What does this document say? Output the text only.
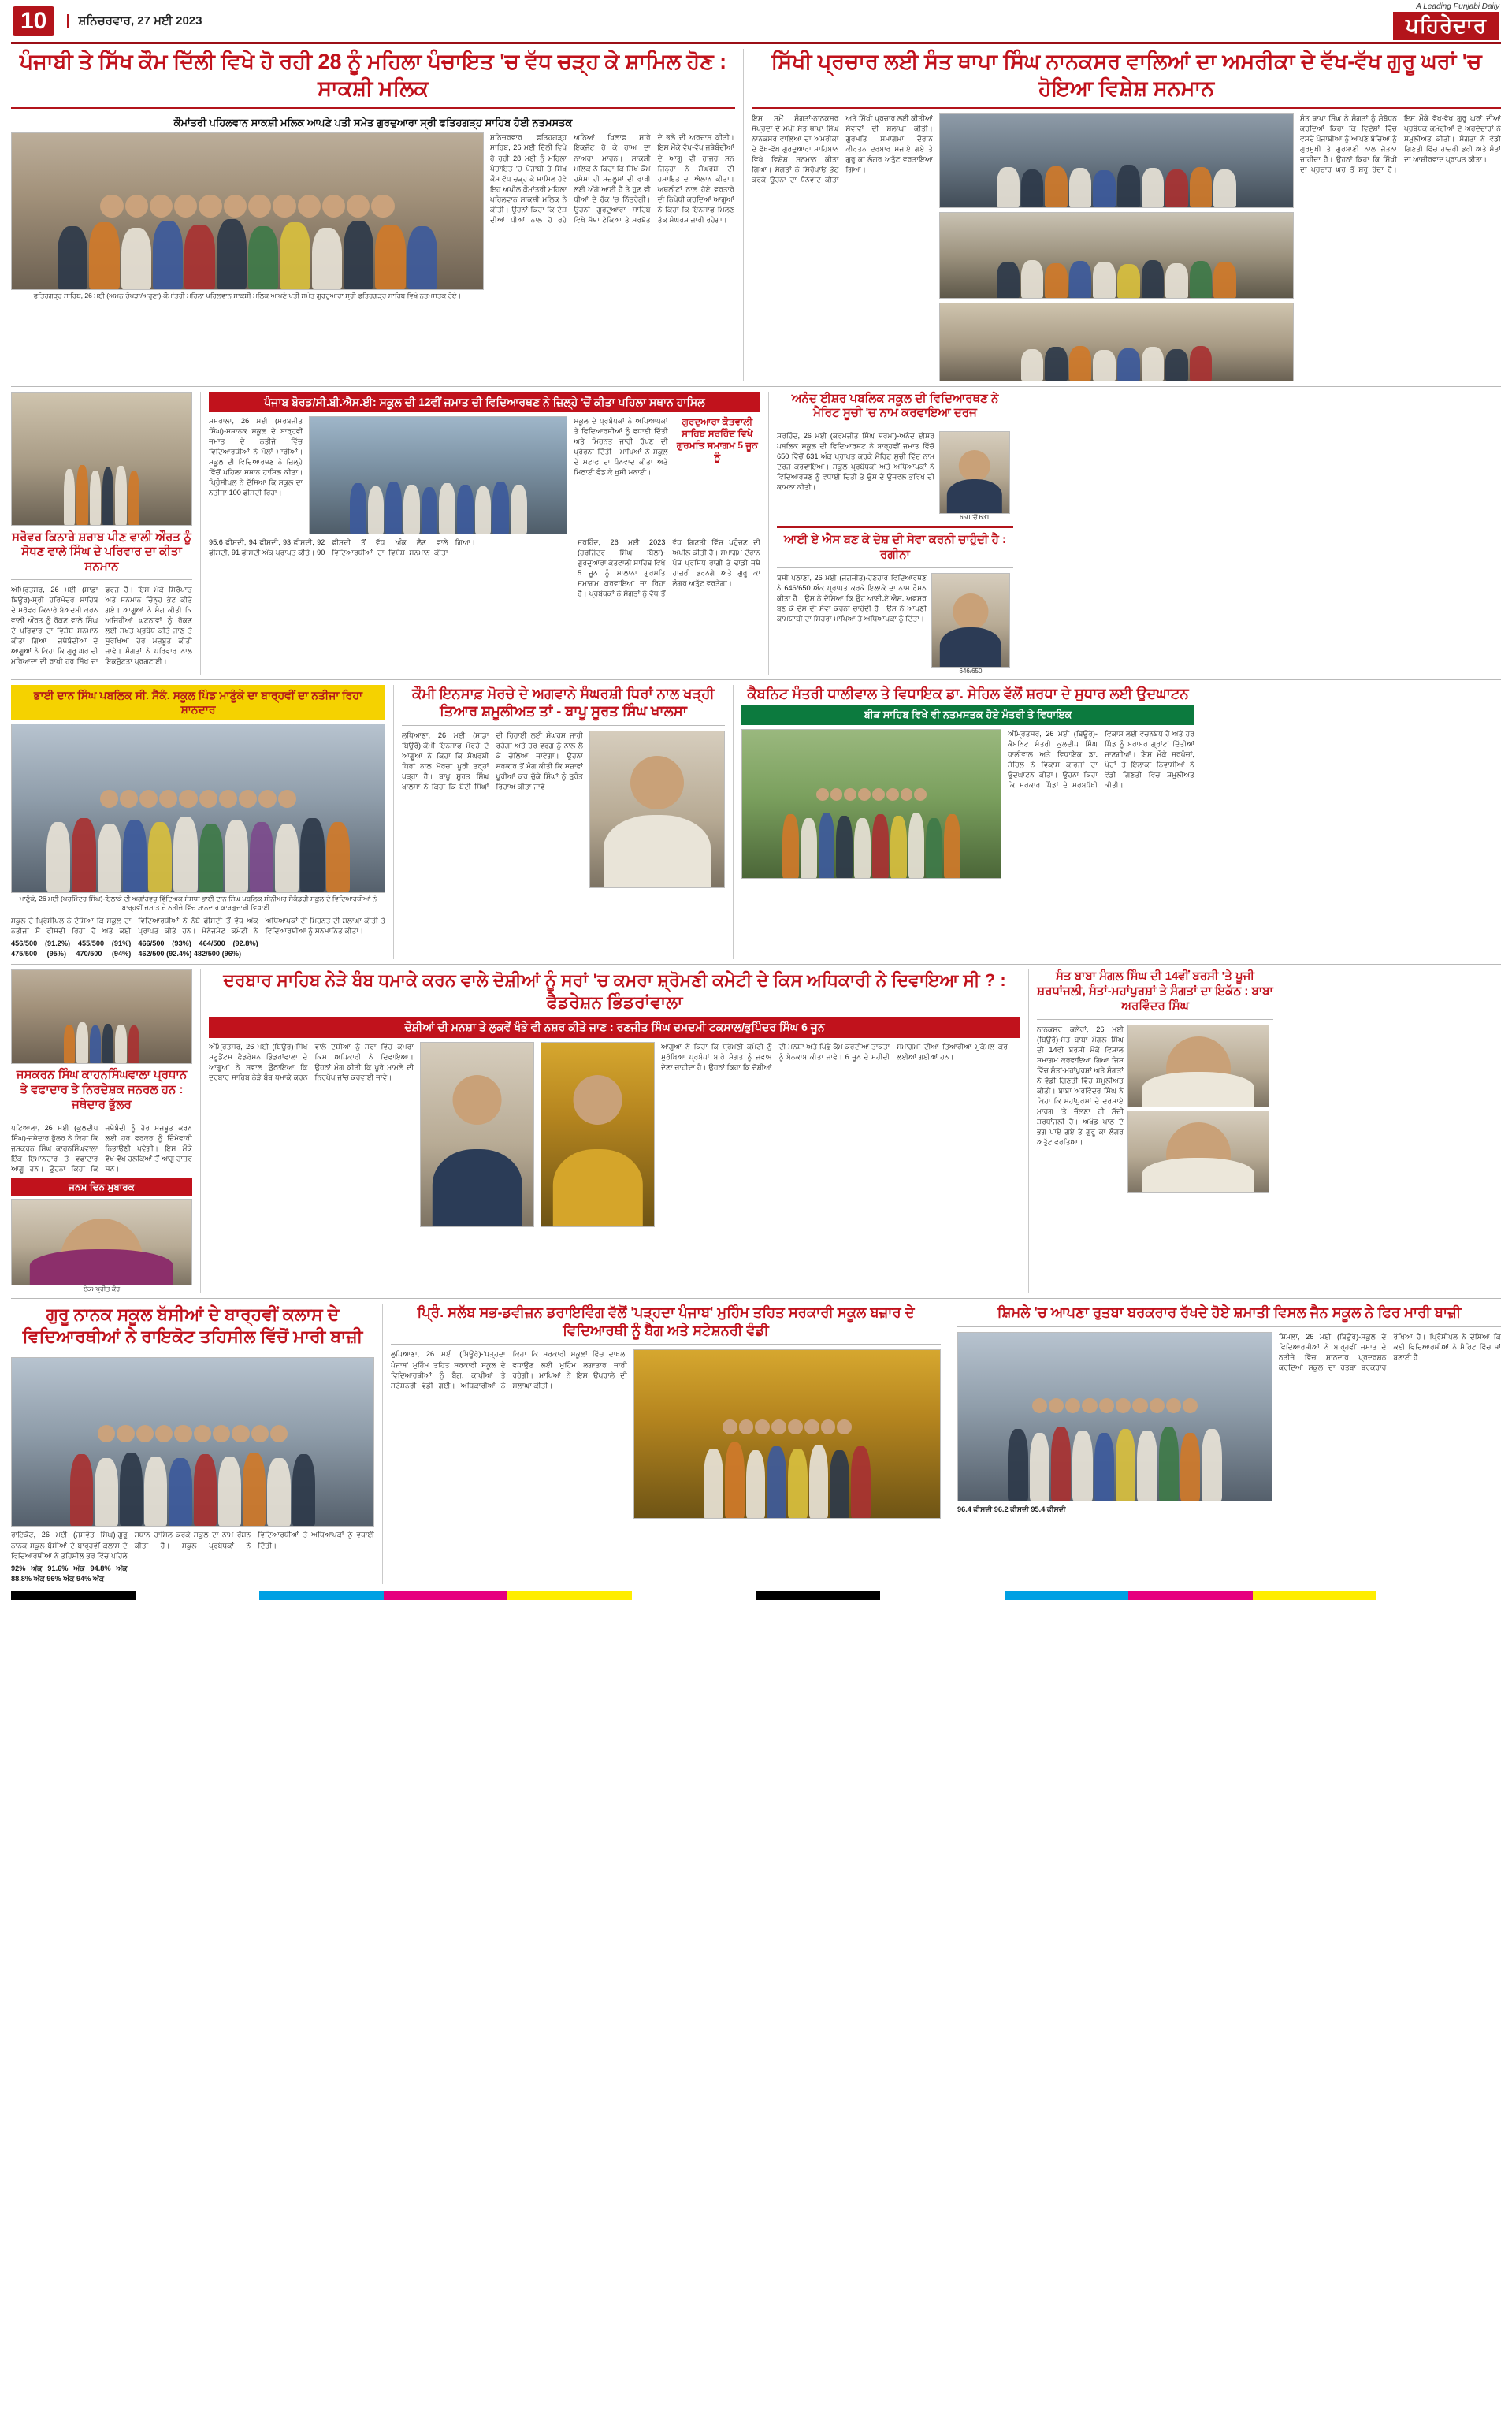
10	ਸ਼ਨਿਚਰਵਾਰ, 27 ਮਈ 2023
A Leading Punjabi Daily
ਪਹਿਰੇਦਾਰ
ਪੰਜਾਬੀ ਤੇ ਸਿੱਖ ਕੌਮ ਦਿੱਲੀ ਵਿਖੇ ਹੋ ਰਹੀ 28 ਨੂੰ ਮਹਿਲਾ ਪੰਚਾਇਤ 'ਚ ਵੱਧ ਚੜ੍ਹ ਕੇ ਸ਼ਾਮਿਲ ਹੋਣ : ਸਾਕਸ਼ੀ ਮਲਿਕ
ਕੌਮਾਂਤਰੀ ਪਹਿਲਵਾਨ ਸਾਕਸ਼ੀ ਮਲਿਕ ਆਪਣੇ ਪਤੀ ਸਮੇਤ ਗੁਰਦੁਆਰਾ ਸ੍ਰੀ ਫਤਿਹਗੜ੍ਹ ਸਾਹਿਬ ਹੋਈ ਨਤਮਸਤਕ
ਫਤਿਹਗੜ੍ਹ ਸਾਹਿਬ, 26 ਮਈ (ਅਮਨ ਚੋਪੜਾ/ਅਰੁਣਾ)-ਕੌਮਾਂਤਰੀ ਮਹਿਲਾ ਪਹਿਲਵਾਨ ਸਾਕਸ਼ੀ ਮਲਿਕ ਆਪਣੇ ਪਤੀ ਸਮੇਤ ਗੁਰਦੁਆਰਾ ਸ੍ਰੀ ਫਤਿਹਗੜ੍ਹ ਸਾਹਿਬ ਵਿਖੇ ਨਤਮਸਤਕ ਹੋਏ।
ਸ਼ਨਿਚਰਵਾਰ ਫਤਿਹਗੜ੍ਹ ਸਾਹਿਬ, 26 ਮਈ ਦਿੱਲੀ ਵਿਖੇ ਹੋ ਰਹੀ 28 ਮਈ ਨੂੰ ਮਹਿਲਾ ਪੰਚਾਇਤ 'ਚ ਪੰਜਾਬੀ ਤੇ ਸਿੱਖ ਕੌਮ ਵੱਧ ਚੜ੍ਹ ਕੇ ਸ਼ਾਮਿਲ ਹੋਵੇ ਇਹ ਅਪੀਲ ਕੌਮਾਂਤਰੀ ਮਹਿਲਾ ਪਹਿਲਵਾਨ ਸਾਕਸ਼ੀ ਮਲਿਕ ਨੇ ਕੀਤੀ। ਉਹਨਾਂ ਕਿਹਾ ਕਿ ਦੇਸ਼ ਦੀਆਂ ਧੀਆਂ ਨਾਲ ਹੋ ਰਹੇ ਅਨਿਆਂ ਖਿਲਾਫ ਸਾਰੇ ਇਕਜੁੱਟ ਹੋ ਕੇ ਹਾਅ ਦਾ ਨਾਅਰਾ ਮਾਰਨ। ਸਾਕਸ਼ੀ ਮਲਿਕ ਨੇ ਕਿਹਾ ਕਿ ਸਿੱਖ ਕੌਮ ਹਮੇਸ਼ਾ ਹੀ ਮਜ਼ਲੂਮਾਂ ਦੀ ਰਾਖੀ ਲਈ ਅੱਗੇ ਆਈ ਹੈ ਤੇ ਹੁਣ ਵੀ ਧੀਆਂ ਦੇ ਹੱਕ 'ਚ ਨਿੱਤਰੇਗੀ। ਉਹਨਾਂ ਗੁਰਦੁਆਰਾ ਸਾਹਿਬ ਵਿਖੇ ਮੱਥਾ ਟੇਕਿਆ ਤੇ ਸਰਬੱਤ ਦੇ ਭਲੇ ਦੀ ਅਰਦਾਸ ਕੀਤੀ। ਇਸ ਮੌਕੇ ਵੱਖ-ਵੱਖ ਜਥੇਬੰਦੀਆਂ ਦੇ ਆਗੂ ਵੀ ਹਾਜ਼ਰ ਸਨ ਜਿਨ੍ਹਾਂ ਨੇ ਸੰਘਰਸ਼ ਦੀ ਹਮਾਇਤ ਦਾ ਐਲਾਨ ਕੀਤਾ। ਅਥਲੀਟਾਂ ਨਾਲ ਹੋਏ ਵਰਤਾਰੇ ਦੀ ਨਿਖੇਧੀ ਕਰਦਿਆਂ ਆਗੂਆਂ ਨੇ ਕਿਹਾ ਕਿ ਇਨਸਾਫ ਮਿਲਣ ਤੱਕ ਸੰਘਰਸ਼ ਜਾਰੀ ਰਹੇਗਾ।
ਸਿੱਖੀ ਪ੍ਰਚਾਰ ਲਈ ਸੰਤ ਥਾਪਾ ਸਿੰਘ ਨਾਨਕਸਰ ਵਾਲਿਆਂ ਦਾ ਅਮਰੀਕਾ ਦੇ ਵੱਖ-ਵੱਖ ਗੁਰੂ ਘਰਾਂ 'ਚ ਹੋਇਆ ਵਿਸ਼ੇਸ਼ ਸਨਮਾਨ
ਇਸ ਸਮੇਂ ਸੰਗਤਾਂ-ਨਾਨਕਸਰ ਸੰਪ੍ਰਦਾ ਦੇ ਮੁਖੀ ਸੰਤ ਥਾਪਾ ਸਿੰਘ ਨਾਨਕਸਰ ਵਾਲਿਆਂ ਦਾ ਅਮਰੀਕਾ ਦੇ ਵੱਖ-ਵੱਖ ਗੁਰਦੁਆਰਾ ਸਾਹਿਬਾਨ ਵਿਖੇ ਵਿਸ਼ੇਸ਼ ਸਨਮਾਨ ਕੀਤਾ ਗਿਆ। ਸੰਗਤਾਂ ਨੇ ਸਿਰੋਪਾਓ ਭੇਟ ਕਰਕੇ ਉਹਨਾਂ ਦਾ ਧੰਨਵਾਦ ਕੀਤਾ ਅਤੇ ਸਿੱਖੀ ਪ੍ਰਚਾਰ ਲਈ ਕੀਤੀਆਂ ਸੇਵਾਵਾਂ ਦੀ ਸ਼ਲਾਘਾ ਕੀਤੀ। ਗੁਰਮਤਿ ਸਮਾਗਮਾਂ ਦੌਰਾਨ ਕੀਰਤਨ ਦਰਬਾਰ ਸਜਾਏ ਗਏ ਤੇ ਗੁਰੂ ਕਾ ਲੰਗਰ ਅਤੁੱਟ ਵਰਤਾਇਆ ਗਿਆ।
ਸੰਤ ਥਾਪਾ ਸਿੰਘ ਨੇ ਸੰਗਤਾਂ ਨੂੰ ਸੰਬੋਧਨ ਕਰਦਿਆਂ ਕਿਹਾ ਕਿ ਵਿਦੇਸ਼ਾਂ ਵਿੱਚ ਵਸਦੇ ਪੰਜਾਬੀਆਂ ਨੂੰ ਆਪਣੇ ਬੱਚਿਆਂ ਨੂੰ ਗੁਰਮੁਖੀ ਤੇ ਗੁਰਬਾਣੀ ਨਾਲ ਜੋੜਨਾ ਚਾਹੀਦਾ ਹੈ। ਉਹਨਾਂ ਕਿਹਾ ਕਿ ਸਿੱਖੀ ਦਾ ਪ੍ਰਚਾਰ ਘਰ ਤੋਂ ਸ਼ੁਰੂ ਹੁੰਦਾ ਹੈ। ਇਸ ਮੌਕੇ ਵੱਖ-ਵੱਖ ਗੁਰੂ ਘਰਾਂ ਦੀਆਂ ਪ੍ਰਬੰਧਕ ਕਮੇਟੀਆਂ ਦੇ ਅਹੁਦੇਦਾਰਾਂ ਨੇ ਸ਼ਮੂਲੀਅਤ ਕੀਤੀ। ਸੰਗਤਾਂ ਨੇ ਵੱਡੀ ਗਿਣਤੀ ਵਿੱਚ ਹਾਜ਼ਰੀ ਭਰੀ ਅਤੇ ਸੰਤਾਂ ਦਾ ਆਸ਼ੀਰਵਾਦ ਪ੍ਰਾਪਤ ਕੀਤਾ।
ਸਰੋਵਰ ਕਿਨਾਰੇ ਸ਼ਰਾਬ ਪੀਣ ਵਾਲੀ ਔਰਤ ਨੂੰ ਸੋਧਣ ਵਾਲੇ ਸਿੰਘ ਦੇ ਪਰਿਵਾਰ ਦਾ ਕੀਤਾ ਸਨਮਾਨ
ਅੰਮ੍ਰਿਤਸਰ, 26 ਮਈ (ਸਾਡਾ ਬਿਊਰੋ)-ਸ੍ਰੀ ਹਰਿਮੰਦਰ ਸਾਹਿਬ ਦੇ ਸਰੋਵਰ ਕਿਨਾਰੇ ਬੇਅਦਬੀ ਕਰਨ ਵਾਲੀ ਔਰਤ ਨੂੰ ਰੋਕਣ ਵਾਲੇ ਸਿੰਘ ਦੇ ਪਰਿਵਾਰ ਦਾ ਵਿਸ਼ੇਸ਼ ਸਨਮਾਨ ਕੀਤਾ ਗਿਆ। ਜਥੇਬੰਦੀਆਂ ਦੇ ਆਗੂਆਂ ਨੇ ਕਿਹਾ ਕਿ ਗੁਰੂ ਘਰ ਦੀ ਮਰਿਆਦਾ ਦੀ ਰਾਖੀ ਹਰ ਸਿੱਖ ਦਾ ਫਰਜ਼ ਹੈ। ਇਸ ਮੌਕੇ ਸਿਰੋਪਾਓ ਅਤੇ ਸਨਮਾਨ ਚਿੰਨ੍ਹ ਭੇਟ ਕੀਤੇ ਗਏ। ਆਗੂਆਂ ਨੇ ਮੰਗ ਕੀਤੀ ਕਿ ਅਜਿਹੀਆਂ ਘਟਨਾਵਾਂ ਨੂੰ ਰੋਕਣ ਲਈ ਸਖਤ ਪ੍ਰਬੰਧ ਕੀਤੇ ਜਾਣ ਤੇ ਸੁਰੱਖਿਆ ਹੋਰ ਮਜ਼ਬੂਤ ਕੀਤੀ ਜਾਵੇ। ਸੰਗਤਾਂ ਨੇ ਪਰਿਵਾਰ ਨਾਲ ਇਕਜੁੱਟਤਾ ਪ੍ਰਗਟਾਈ।
ਪੰਜਾਬ ਬੋਰਡ/ਸੀ.ਬੀ.ਐਸ.ਈ: ਸਕੂਲ ਦੀ 12ਵੀਂ ਜਮਾਤ ਦੀ ਵਿਦਿਆਰਥਣ ਨੇ ਜ਼ਿਲ੍ਹੇ 'ਚੋਂ ਕੀਤਾ ਪਹਿਲਾ ਸਥਾਨ ਹਾਸਿਲ
ਸਮਰਾਲਾ, 26 ਮਈ (ਸਰਬਜੀਤ ਸਿੰਘ)-ਸਥਾਨਕ ਸਕੂਲ ਦੇ ਬਾਰ੍ਹਵੀਂ ਜਮਾਤ ਦੇ ਨਤੀਜੇ ਵਿੱਚ ਵਿਦਿਆਰਥੀਆਂ ਨੇ ਮੱਲਾਂ ਮਾਰੀਆਂ। ਸਕੂਲ ਦੀ ਵਿਦਿਆਰਥਣ ਨੇ ਜ਼ਿਲ੍ਹੇ ਵਿੱਚੋਂ ਪਹਿਲਾ ਸਥਾਨ ਹਾਸਿਲ ਕੀਤਾ। ਪ੍ਰਿੰਸੀਪਲ ਨੇ ਦੱਸਿਆ ਕਿ ਸਕੂਲ ਦਾ ਨਤੀਜਾ 100 ਫੀਸਦੀ ਰਿਹਾ।
ਸਕੂਲ ਦੇ ਪ੍ਰਬੰਧਕਾਂ ਨੇ ਅਧਿਆਪਕਾਂ ਤੇ ਵਿਦਿਆਰਥੀਆਂ ਨੂੰ ਵਧਾਈ ਦਿੱਤੀ ਅਤੇ ਮਿਹਨਤ ਜਾਰੀ ਰੱਖਣ ਦੀ ਪ੍ਰੇਰਨਾ ਦਿੱਤੀ। ਮਾਪਿਆਂ ਨੇ ਸਕੂਲ ਦੇ ਸਟਾਫ ਦਾ ਧੰਨਵਾਦ ਕੀਤਾ ਅਤੇ ਮਿਠਾਈ ਵੰਡ ਕੇ ਖੁਸ਼ੀ ਮਨਾਈ।
ਗੁਰਦੁਆਰਾ ਕੋਤਵਾਲੀ ਸਾਹਿਬ ਸਰਹਿੰਦ ਵਿਖੇ ਗੁਰਮਤਿ ਸਮਾਗਮ 5 ਜੂਨ ਨੂੰ
95.6 ਫੀਸਦੀ, 94 ਫੀਸਦੀ, 93 ਫੀਸਦੀ, 92 ਫੀਸਦੀ, 91 ਫੀਸਦੀ ਅੰਕ ਪ੍ਰਾਪਤ ਕੀਤੇ। 90 ਫੀਸਦੀ ਤੋਂ ਵੱਧ ਅੰਕ ਲੈਣ ਵਾਲੇ ਵਿਦਿਆਰਥੀਆਂ ਦਾ ਵਿਸ਼ੇਸ਼ ਸਨਮਾਨ ਕੀਤਾ ਗਿਆ।	ਸਰਹਿੰਦ, 26 ਮਈ 2023 (ਹਰਜਿੰਦਰ ਸਿੰਘ ਬਿੱਲਾ)-ਗੁਰਦੁਆਰਾ ਕੋਤਵਾਲੀ ਸਾਹਿਬ ਵਿਖੇ 5 ਜੂਨ ਨੂੰ ਸਾਲਾਨਾ ਗੁਰਮਤਿ ਸਮਾਗਮ ਕਰਵਾਇਆ ਜਾ ਰਿਹਾ ਹੈ। ਪ੍ਰਬੰਧਕਾਂ ਨੇ ਸੰਗਤਾਂ ਨੂੰ ਵੱਧ ਤੋਂ ਵੱਧ ਗਿਣਤੀ ਵਿੱਚ ਪਹੁੰਚਣ ਦੀ ਅਪੀਲ ਕੀਤੀ ਹੈ। ਸਮਾਗਮ ਦੌਰਾਨ ਪੰਥ ਪ੍ਰਸਿੱਧ ਰਾਗੀ ਤੇ ਢਾਡੀ ਜਥੇ ਹਾਜ਼ਰੀ ਭਰਨਗੇ ਅਤੇ ਗੁਰੂ ਕਾ ਲੰਗਰ ਅਤੁੱਟ ਵਰਤੇਗਾ।
ਅਨੰਦ ਈਸ਼ਰ ਪਬਲਿਕ ਸਕੂਲ ਦੀ ਵਿਦਿਆਰਥਣ ਨੇ ਮੈਰਿਟ ਸੂਚੀ 'ਚ ਨਾਮ ਕਰਵਾਇਆ ਦਰਜ
ਸਰਹਿੰਦ, 26 ਮਈ (ਕਰਮਜੀਤ ਸਿੰਘ ਸ਼ਰਮਾ)-ਅਨੰਦ ਈਸ਼ਰ ਪਬਲਿਕ ਸਕੂਲ ਦੀ ਵਿਦਿਆਰਥਣ ਨੇ ਬਾਰ੍ਹਵੀਂ ਜਮਾਤ ਵਿੱਚੋਂ 650 ਵਿੱਚੋਂ 631 ਅੰਕ ਪ੍ਰਾਪਤ ਕਰਕੇ ਮੈਰਿਟ ਸੂਚੀ ਵਿੱਚ ਨਾਮ ਦਰਜ ਕਰਵਾਇਆ। ਸਕੂਲ ਪ੍ਰਬੰਧਕਾਂ ਅਤੇ ਅਧਿਆਪਕਾਂ ਨੇ ਵਿਦਿਆਰਥਣ ਨੂੰ ਵਧਾਈ ਦਿੱਤੀ ਤੇ ਉਸ ਦੇ ਉਜਵਲ ਭਵਿੱਖ ਦੀ ਕਾਮਨਾ ਕੀਤੀ।
650 'ਚੋਂ 631
ਆਈ ਏ ਐਸ ਬਣ ਕੇ ਦੇਸ਼ ਦੀ ਸੇਵਾ ਕਰਨੀ ਚਾਹੁੰਦੀ ਹੈ : ਰਗੀਨਾ
ਬਸੀ ਪਠਾਣਾ, 26 ਮਈ (ਜਗਜੀਤ)-ਹੋਣਹਾਰ ਵਿਦਿਆਰਥਣ ਨੇ 646/650 ਅੰਕ ਪ੍ਰਾਪਤ ਕਰਕੇ ਇਲਾਕੇ ਦਾ ਨਾਮ ਰੌਸ਼ਨ ਕੀਤਾ ਹੈ। ਉਸ ਨੇ ਦੱਸਿਆ ਕਿ ਉਹ ਆਈ.ਏ.ਐਸ. ਅਫਸਰ ਬਣ ਕੇ ਦੇਸ਼ ਦੀ ਸੇਵਾ ਕਰਨਾ ਚਾਹੁੰਦੀ ਹੈ। ਉਸ ਨੇ ਆਪਣੀ ਕਾਮਯਾਬੀ ਦਾ ਸਿਹਰਾ ਮਾਪਿਆਂ ਤੇ ਅਧਿਆਪਕਾਂ ਨੂੰ ਦਿੱਤਾ।
646/650
ਭਾਈ ਦਾਨ ਸਿੰਘ ਪਬਲਿਕ ਸੀ. ਸੈਕੰ. ਸਕੂਲ ਪਿੰਡ ਮਾਣੂੰਕੇ ਦਾ ਬਾਰ੍ਹਵੀਂ ਦਾ ਨਤੀਜਾ ਰਿਹਾ ਸ਼ਾਨਦਾਰ
ਮਾਣੂੰਕੇ, 26 ਮਈ (ਪਰਮਿੰਦਰ ਸਿੰਘ)-ਇਲਾਕੇ ਦੀ ਅਗਾਂਹਵਧੂ ਵਿੱਦਿਅਕ ਸੰਸਥਾ ਭਾਈ ਦਾਨ ਸਿੰਘ ਪਬਲਿਕ ਸੀਨੀਅਰ ਸੈਕੰਡਰੀ ਸਕੂਲ ਦੇ ਵਿਦਿਆਰਥੀਆਂ ਨੇ ਬਾਰ੍ਹਵੀਂ ਜਮਾਤ ਦੇ ਨਤੀਜੇ ਵਿੱਚ ਸ਼ਾਨਦਾਰ ਕਾਰਗੁਜ਼ਾਰੀ ਵਿਖਾਈ।
ਸਕੂਲ ਦੇ ਪ੍ਰਿੰਸੀਪਲ ਨੇ ਦੱਸਿਆ ਕਿ ਸਕੂਲ ਦਾ ਨਤੀਜਾ ਸੌ ਫੀਸਦੀ ਰਿਹਾ ਹੈ ਅਤੇ ਕਈ ਵਿਦਿਆਰਥੀਆਂ ਨੇ ਨੱਬੇ ਫੀਸਦੀ ਤੋਂ ਵੱਧ ਅੰਕ ਪ੍ਰਾਪਤ ਕੀਤੇ ਹਨ। ਮੈਨੇਜਮੈਂਟ ਕਮੇਟੀ ਨੇ ਅਧਿਆਪਕਾਂ ਦੀ ਮਿਹਨਤ ਦੀ ਸ਼ਲਾਘਾ ਕੀਤੀ ਤੇ ਵਿਦਿਆਰਥੀਆਂ ਨੂੰ ਸਨਮਾਨਿਤ ਕੀਤਾ।
456/500 (91.2%) 455/500 (91%) 475/500 (95%) 470/500 (94%) 466/500 (93%) 464/500 (92.8%) 462/500 (92.4%) 482/500 (96%)
ਕੌਮੀ ਇਨਸਾਫ਼ ਮੋਰਚੇ ਦੇ ਅਗਵਾਨੇ ਸੰਘਰਸ਼ੀ ਧਿਰਾਂ ਨਾਲ ਖੜ੍ਹੀ ਤਿਆਰ ਸ਼ਮੂਲੀਅਤ ਤਾਂ - ਬਾਪੂ ਸੂਰਤ ਸਿੰਘ ਖਾਲਸਾ
ਲੁਧਿਆਣਾ, 26 ਮਈ (ਸਾਡਾ ਬਿਊਰੋ)-ਕੌਮੀ ਇਨਸਾਫ ਮੋਰਚੇ ਦੇ ਆਗੂਆਂ ਨੇ ਕਿਹਾ ਕਿ ਸੰਘਰਸ਼ੀ ਧਿਰਾਂ ਨਾਲ ਮੋਰਚਾ ਪੂਰੀ ਤਰ੍ਹਾਂ ਖੜ੍ਹਾ ਹੈ। ਬਾਪੂ ਸੂਰਤ ਸਿੰਘ ਖਾਲਸਾ ਨੇ ਕਿਹਾ ਕਿ ਬੰਦੀ ਸਿੰਘਾਂ ਦੀ ਰਿਹਾਈ ਲਈ ਸੰਘਰਸ਼ ਜਾਰੀ ਰਹੇਗਾ ਅਤੇ ਹਰ ਵਰਗ ਨੂੰ ਨਾਲ ਲੈ ਕੇ ਚੱਲਿਆ ਜਾਵੇਗਾ। ਉਹਨਾਂ ਸਰਕਾਰ ਤੋਂ ਮੰਗ ਕੀਤੀ ਕਿ ਸਜ਼ਾਵਾਂ ਪੂਰੀਆਂ ਕਰ ਚੁੱਕੇ ਸਿੰਘਾਂ ਨੂੰ ਤੁਰੰਤ ਰਿਹਾਅ ਕੀਤਾ ਜਾਵੇ।
ਕੈਬਨਿਟ ਮੰਤਰੀ ਧਾਲੀਵਾਲ ਤੇ ਵਿਧਾਇਕ ਡਾ. ਸੇਹਿਲ ਵੱਲੋਂ ਸ਼ਰਧਾ ਦੇ ਸੁਧਾਰ ਲਈ ਉਦਘਾਟਨ
ਬੀੜ ਸਾਹਿਬ ਵਿਖੇ ਵੀ ਨਤਮਸਤਕ ਹੋਏ ਮੰਤਰੀ ਤੇ ਵਿਧਾਇਕ
ਅੰਮ੍ਰਿਤਸਰ, 26 ਮਈ (ਬਿਊਰੋ)-ਕੈਬਨਿਟ ਮੰਤਰੀ ਕੁਲਦੀਪ ਸਿੰਘ ਧਾਲੀਵਾਲ ਅਤੇ ਵਿਧਾਇਕ ਡਾ. ਸੇਹਿਲ ਨੇ ਵਿਕਾਸ ਕਾਰਜਾਂ ਦਾ ਉਦਘਾਟਨ ਕੀਤਾ। ਉਹਨਾਂ ਕਿਹਾ ਕਿ ਸਰਕਾਰ ਪਿੰਡਾਂ ਦੇ ਸਰਬਪੱਖੀ ਵਿਕਾਸ ਲਈ ਵਚਨਬੱਧ ਹੈ ਅਤੇ ਹਰ ਪਿੰਡ ਨੂੰ ਬਰਾਬਰ ਗ੍ਰਾਂਟਾਂ ਦਿੱਤੀਆਂ ਜਾਣਗੀਆਂ। ਇਸ ਮੌਕੇ ਸਰਪੰਚਾਂ, ਪੰਚਾਂ ਤੇ ਇਲਾਕਾ ਨਿਵਾਸੀਆਂ ਨੇ ਵੱਡੀ ਗਿਣਤੀ ਵਿੱਚ ਸ਼ਮੂਲੀਅਤ ਕੀਤੀ।
ਜਸਕਰਨ ਸਿੰਘ ਕਾਹਨਸਿੰਘਵਾਲਾ ਪ੍ਰਧਾਨ ਤੇ ਵਫਾਦਾਰ ਤੇ ਨਿਰਦੇਸ਼ਕ ਜਨਰਲ ਹਨ : ਜਥੇਦਾਰ ਭੁੱਲਰ
ਪਟਿਆਲਾ, 26 ਮਈ (ਕੁਲਦੀਪ ਸਿੰਘ)-ਜਥੇਦਾਰ ਭੁੱਲਰ ਨੇ ਕਿਹਾ ਕਿ ਜਸਕਰਨ ਸਿੰਘ ਕਾਹਨਸਿੰਘਵਾਲਾ ਇੱਕ ਇਮਾਨਦਾਰ ਤੇ ਵਫਾਦਾਰ ਆਗੂ ਹਨ। ਉਹਨਾਂ ਕਿਹਾ ਕਿ ਜਥੇਬੰਦੀ ਨੂੰ ਹੋਰ ਮਜ਼ਬੂਤ ਕਰਨ ਲਈ ਹਰ ਵਰਕਰ ਨੂੰ ਜ਼ਿੰਮੇਵਾਰੀ ਨਿਭਾਉਣੀ ਪਵੇਗੀ। ਇਸ ਮੌਕੇ ਵੱਖ-ਵੱਖ ਹਲਕਿਆਂ ਤੋਂ ਆਗੂ ਹਾਜ਼ਰ ਸਨ।
ਜਨਮ ਦਿਨ ਮੁਬਾਰਕ
ਏਕਮਪ੍ਰੀਤ ਕੌਰ
ਦਰਬਾਰ ਸਾਹਿਬ ਨੇੜੇ ਬੰਬ ਧਮਾਕੇ ਕਰਨ ਵਾਲੇ ਦੋਸ਼ੀਆਂ ਨੂੰ ਸਰਾਂ 'ਚ ਕਮਰਾ ਸ਼੍ਰੋਮਣੀ ਕਮੇਟੀ ਦੇ ਕਿਸ ਅਧਿਕਾਰੀ ਨੇ ਦਿਵਾਇਆ ਸੀ ? : ਫੈਡਰੇਸ਼ਨ ਭਿੰਡਰਾਂਵਾਲਾ
ਦੋਸ਼ੀਆਂ ਦੀ ਮਨਸ਼ਾ ਤੇ ਲੁਕਵੇਂ ਖੰਭੇ ਵੀ ਨਸ਼ਰ ਕੀਤੇ ਜਾਣ : ਰਣਜੀਤ ਸਿੰਘ ਦਮਦਮੀ ਟਕਸਾਲ/ਭੁਪਿੰਦਰ ਸਿੰਘ 6 ਜੂਨ
ਅੰਮ੍ਰਿਤਸਰ, 26 ਮਈ (ਬਿਊਰੋ)-ਸਿੱਖ ਸਟੂਡੈਂਟਸ ਫੈਡਰੇਸ਼ਨ ਭਿੰਡਰਾਂਵਾਲਾ ਦੇ ਆਗੂਆਂ ਨੇ ਸਵਾਲ ਉਠਾਇਆ ਕਿ ਦਰਬਾਰ ਸਾਹਿਬ ਨੇੜੇ ਬੰਬ ਧਮਾਕੇ ਕਰਨ ਵਾਲੇ ਦੋਸ਼ੀਆਂ ਨੂੰ ਸਰਾਂ ਵਿੱਚ ਕਮਰਾ ਕਿਸ ਅਧਿਕਾਰੀ ਨੇ ਦਿਵਾਇਆ। ਉਹਨਾਂ ਮੰਗ ਕੀਤੀ ਕਿ ਪੂਰੇ ਮਾਮਲੇ ਦੀ ਨਿਰਪੱਖ ਜਾਂਚ ਕਰਵਾਈ ਜਾਵੇ।
ਆਗੂਆਂ ਨੇ ਕਿਹਾ ਕਿ ਸ਼੍ਰੋਮਣੀ ਕਮੇਟੀ ਨੂੰ ਸੁਰੱਖਿਆ ਪ੍ਰਬੰਧਾਂ ਬਾਰੇ ਸੰਗਤ ਨੂੰ ਜਵਾਬ ਦੇਣਾ ਚਾਹੀਦਾ ਹੈ। ਉਹਨਾਂ ਕਿਹਾ ਕਿ ਦੋਸ਼ੀਆਂ ਦੀ ਮਨਸ਼ਾ ਅਤੇ ਪਿੱਛੇ ਕੰਮ ਕਰਦੀਆਂ ਤਾਕਤਾਂ ਨੂੰ ਬੇਨਕਾਬ ਕੀਤਾ ਜਾਵੇ। 6 ਜੂਨ ਦੇ ਸ਼ਹੀਦੀ ਸਮਾਗਮਾਂ ਦੀਆਂ ਤਿਆਰੀਆਂ ਮੁਕੰਮਲ ਕਰ ਲਈਆਂ ਗਈਆਂ ਹਨ।
ਸੰਤ ਬਾਬਾ ਮੰਗਲ ਸਿੰਘ ਦੀ 14ਵੀਂ ਬਰਸੀ 'ਤੇ ਪੂਜੀ ਸ਼ਰਧਾਂਜਲੀ, ਸੰਤਾਂ-ਮਹਾਂਪੁਰਸ਼ਾਂ ਤੇ ਸੰਗਤਾਂ ਦਾ ਇਕੱਠ : ਬਾਬਾ ਅਰਵਿੰਦਰ ਸਿੰਘ
ਨਾਨਕਸਰ ਕਲੇਰਾਂ, 26 ਮਈ (ਬਿਊਰੋ)-ਸੰਤ ਬਾਬਾ ਮੰਗਲ ਸਿੰਘ ਦੀ 14ਵੀਂ ਬਰਸੀ ਮੌਕੇ ਵਿਸ਼ਾਲ ਸਮਾਗਮ ਕਰਵਾਇਆ ਗਿਆ ਜਿਸ ਵਿੱਚ ਸੰਤਾਂ-ਮਹਾਂਪੁਰਸ਼ਾਂ ਅਤੇ ਸੰਗਤਾਂ ਨੇ ਵੱਡੀ ਗਿਣਤੀ ਵਿੱਚ ਸ਼ਮੂਲੀਅਤ ਕੀਤੀ। ਬਾਬਾ ਅਰਵਿੰਦਰ ਸਿੰਘ ਨੇ ਕਿਹਾ ਕਿ ਮਹਾਂਪੁਰਸ਼ਾਂ ਦੇ ਦਰਸਾਏ ਮਾਰਗ 'ਤੇ ਚੱਲਣਾ ਹੀ ਸੱਚੀ ਸ਼ਰਧਾਂਜਲੀ ਹੈ। ਅਖੰਡ ਪਾਠ ਦੇ ਭੋਗ ਪਾਏ ਗਏ ਤੇ ਗੁਰੂ ਕਾ ਲੰਗਰ ਅਤੁੱਟ ਵਰਤਿਆ।
ਗੁਰੂ ਨਾਨਕ ਸਕੂਲ ਬੱਸੀਆਂ ਦੇ ਬਾਰ੍ਹਵੀਂ ਕਲਾਸ ਦੇ ਵਿਦਿਆਰਥੀਆਂ ਨੇ ਰਾਇਕੋਟ ਤਹਿਸੀਲ ਵਿੱਚੋਂ ਮਾਰੀ ਬਾਜ਼ੀ
ਰਾਇਕੋਟ, 26 ਮਈ (ਜਸਵੰਤ ਸਿੰਘ)-ਗੁਰੂ ਨਾਨਕ ਸਕੂਲ ਬੱਸੀਆਂ ਦੇ ਬਾਰ੍ਹਵੀਂ ਕਲਾਸ ਦੇ ਵਿਦਿਆਰਥੀਆਂ ਨੇ ਤਹਿਸੀਲ ਭਰ ਵਿੱਚੋਂ ਪਹਿਲੇ ਸਥਾਨ ਹਾਸਿਲ ਕਰਕੇ ਸਕੂਲ ਦਾ ਨਾਮ ਰੌਸ਼ਨ ਕੀਤਾ ਹੈ। ਸਕੂਲ ਪ੍ਰਬੰਧਕਾਂ ਨੇ ਵਿਦਿਆਰਥੀਆਂ ਤੇ ਅਧਿਆਪਕਾਂ ਨੂੰ ਵਧਾਈ ਦਿੱਤੀ।
92% ਅੰਕ 91.6% ਅੰਕ 94.8% ਅੰਕ 88.8% ਅੰਕ 96% ਅੰਕ 94% ਅੰਕ
ਪ੍ਰਿੰ. ਸਲੱਬ ਸਭ-ਡਵੀਜ਼ਨ ਡਰਾਇਵਿੰਗ ਵੱਲੋਂ 'ਪੜ੍ਹਦਾ ਪੰਜਾਬ' ਮੁਹਿੰਮ ਤਹਿਤ ਸਰਕਾਰੀ ਸਕੂਲ ਬਜ਼ਾਰ ਦੇ ਵਿਦਿਆਰਥੀ ਨੂੰ ਬੈਗ ਅਤੇ ਸਟੇਸ਼ਨਰੀ ਵੰਡੀ
ਲੁਧਿਆਣਾ, 26 ਮਈ (ਬਿਊਰੋ)-'ਪੜ੍ਹਦਾ ਪੰਜਾਬ' ਮੁਹਿੰਮ ਤਹਿਤ ਸਰਕਾਰੀ ਸਕੂਲ ਦੇ ਵਿਦਿਆਰਥੀਆਂ ਨੂੰ ਬੈਗ, ਕਾਪੀਆਂ ਤੇ ਸਟੇਸ਼ਨਰੀ ਵੰਡੀ ਗਈ। ਅਧਿਕਾਰੀਆਂ ਨੇ ਕਿਹਾ ਕਿ ਸਰਕਾਰੀ ਸਕੂਲਾਂ ਵਿੱਚ ਦਾਖਲਾ ਵਧਾਉਣ ਲਈ ਮੁਹਿੰਮ ਲਗਾਤਾਰ ਜਾਰੀ ਰਹੇਗੀ। ਮਾਪਿਆਂ ਨੇ ਇਸ ਉਪਰਾਲੇ ਦੀ ਸ਼ਲਾਘਾ ਕੀਤੀ।
ਸ਼ਿਮਲੇ 'ਚ ਆਪਣਾ ਰੁਤਬਾ ਬਰਕਰਾਰ ਰੱਖਦੇ ਹੋਏ ਸ਼ਮਾਤੀ ਵਿਸਲ ਜੈਨ ਸਕੂਲ ਨੇ ਫਿਰ ਮਾਰੀ ਬਾਜ਼ੀ
ਸ਼ਿਮਲਾ, 26 ਮਈ (ਬਿਊਰੋ)-ਸਕੂਲ ਦੇ ਵਿਦਿਆਰਥੀਆਂ ਨੇ ਬਾਰ੍ਹਵੀਂ ਜਮਾਤ ਦੇ ਨਤੀਜੇ ਵਿੱਚ ਸ਼ਾਨਦਾਰ ਪ੍ਰਦਰਸ਼ਨ ਕਰਦਿਆਂ ਸਕੂਲ ਦਾ ਰੁਤਬਾ ਬਰਕਰਾਰ ਰੱਖਿਆ ਹੈ। ਪ੍ਰਿੰਸੀਪਲ ਨੇ ਦੱਸਿਆ ਕਿ ਕਈ ਵਿਦਿਆਰਥੀਆਂ ਨੇ ਮੈਰਿਟ ਵਿੱਚ ਥਾਂ ਬਣਾਈ ਹੈ।
96.4 ਫੀਸਦੀ 96.2 ਫੀਸਦੀ 95.4 ਫੀਸਦੀ
